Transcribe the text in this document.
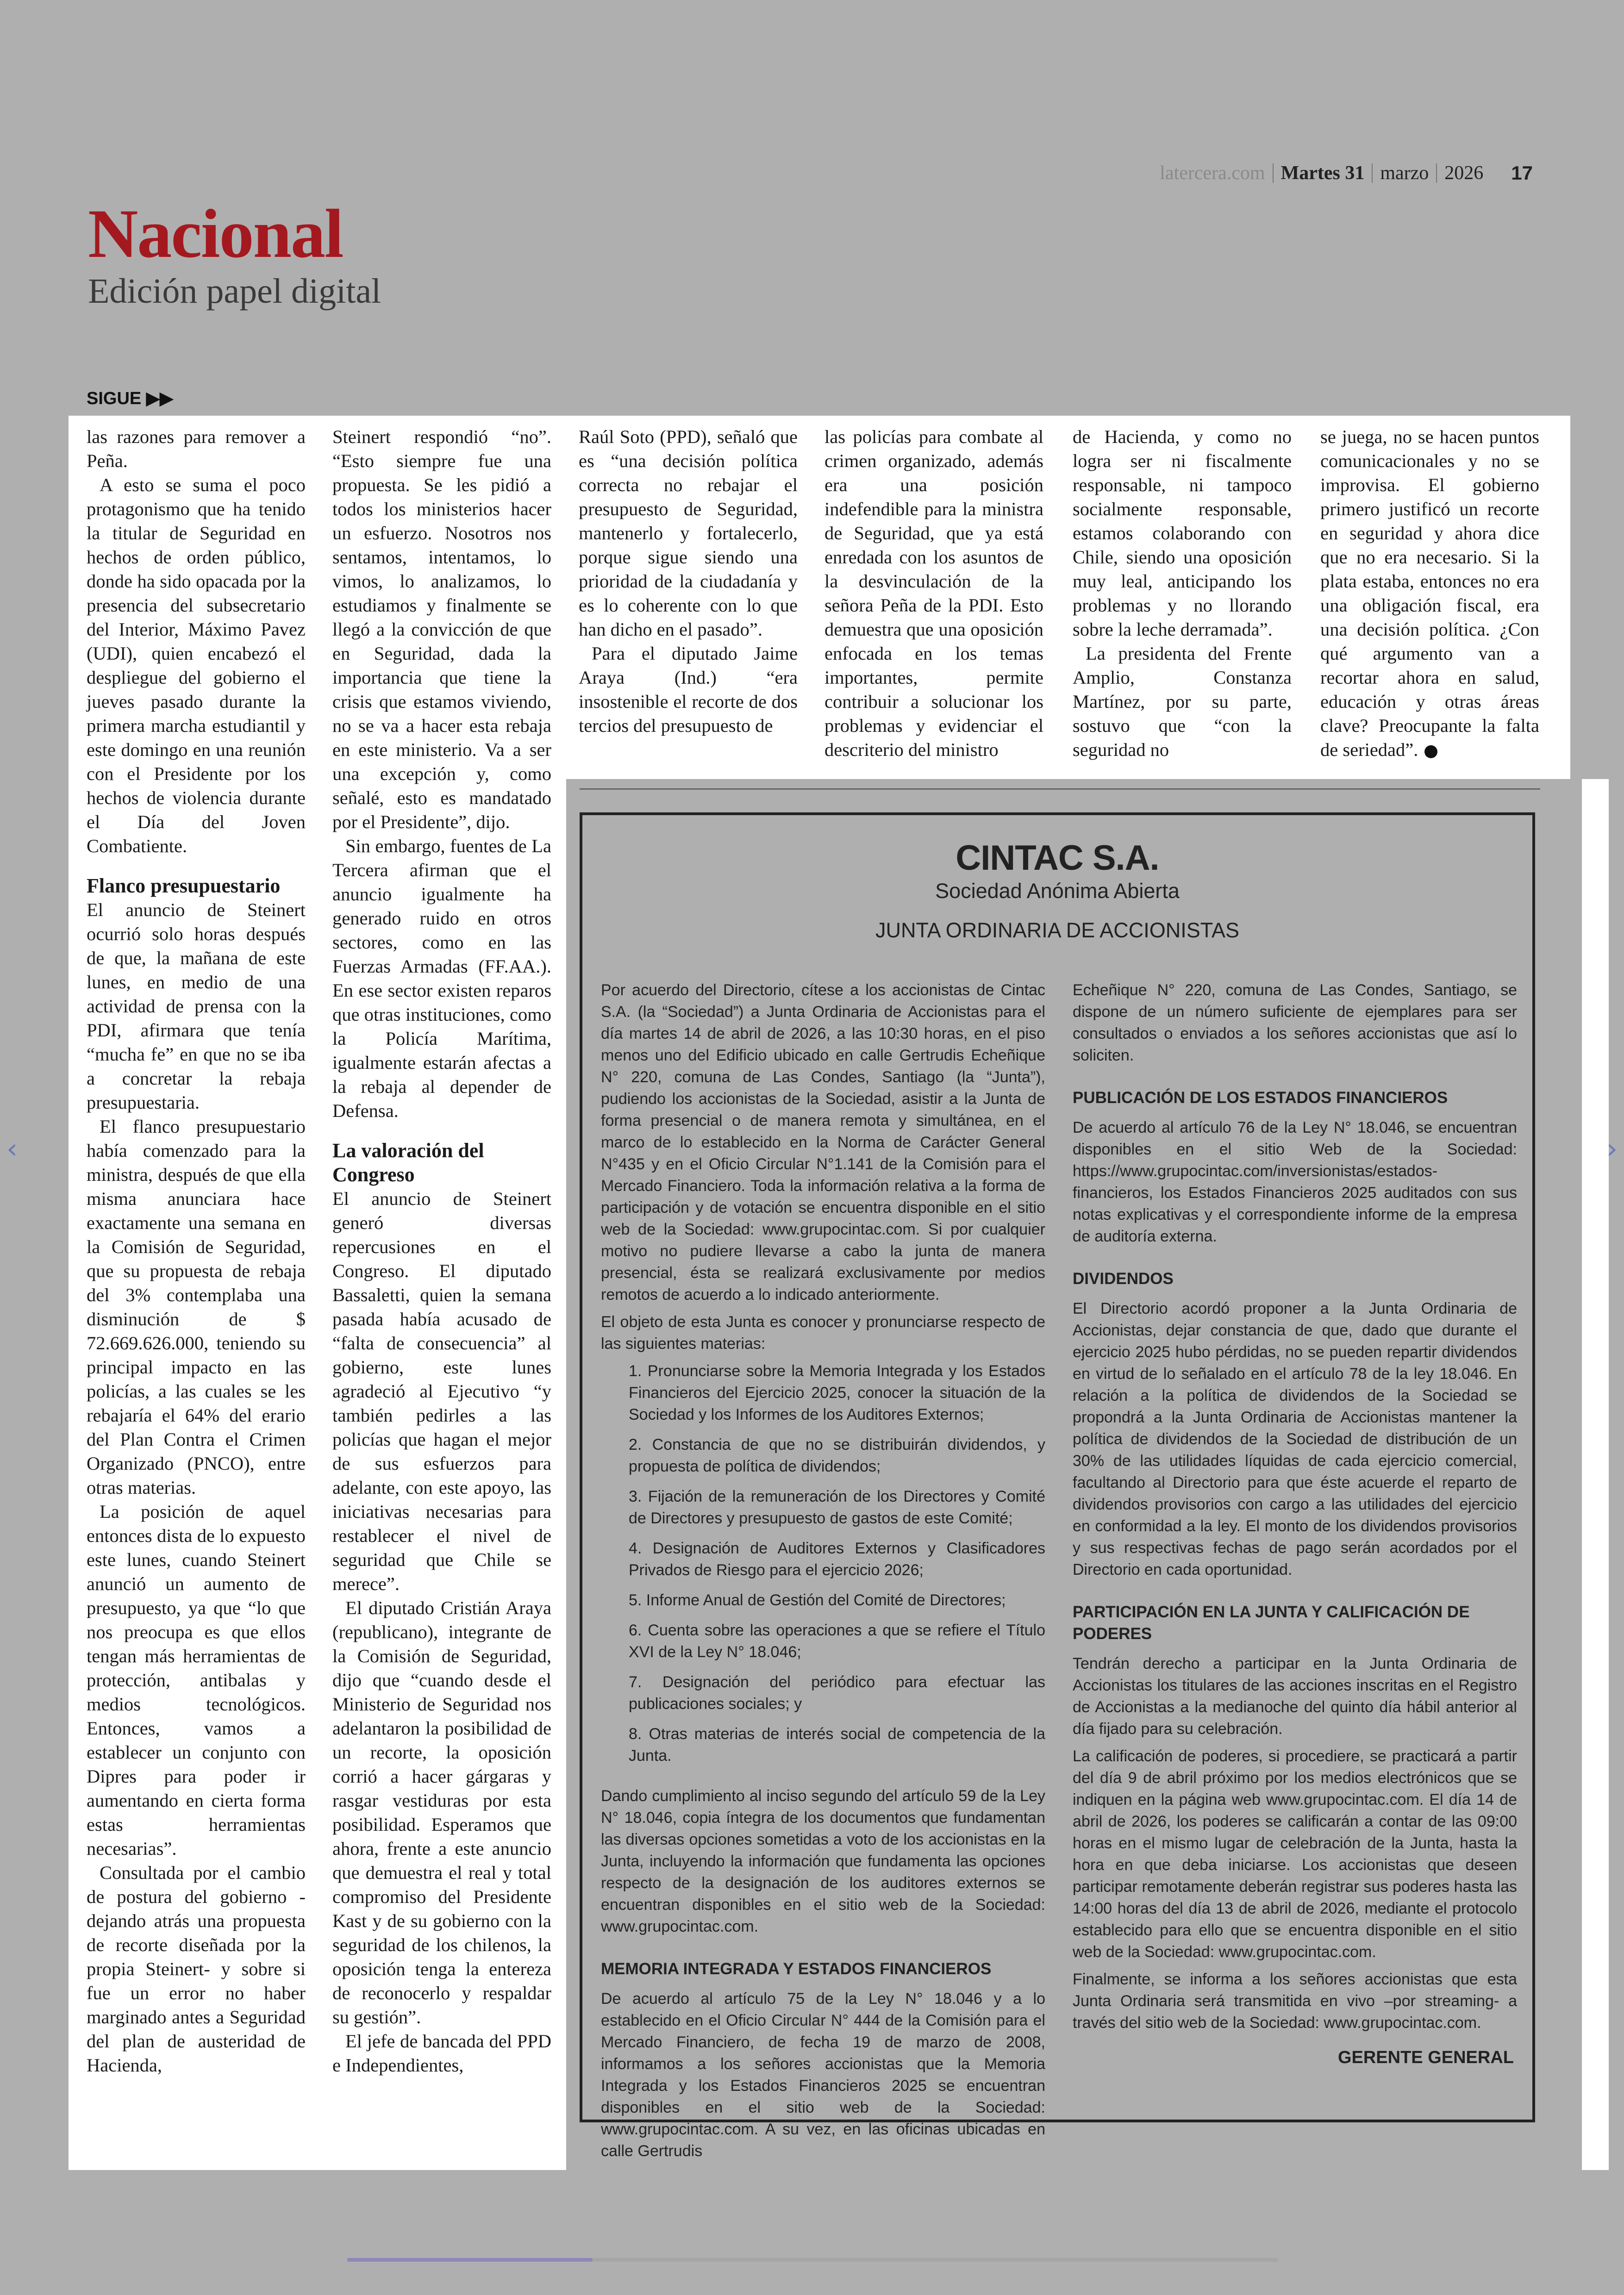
latercera.com Martes 31 marzo 2026 17
Nacional
Edición papel digital
SIGUE ▶▶

las razones para remover a Peña.

A esto se suma el poco protagonismo que ha tenido la titular de Seguridad en hechos de orden público, donde ha sido opacada por la presencia del subsecretario del Interior, Máximo Pavez (UDI), quien encabezó el despliegue del gobierno el jueves pasado durante la primera marcha estudiantil y este domingo en una reunión con el Presidente por los hechos de violencia durante el Día del Joven Combatiente.

Flanco presupuestario

El anuncio de Steinert ocurrió solo horas después de que, la mañana de este lunes, en medio de una actividad de prensa con la PDI, afirmara que tenía “mucha fe” en que no se iba a concretar la rebaja presupuestaria.

El flanco presupuestario había comenzado para la ministra, después de que ella misma anunciara hace exactamente una semana en la Comisión de Seguridad, que su propuesta de rebaja del 3% contemplaba una disminución de $ 72.669.626.000, teniendo su principal impacto en las policías, a las cuales se les rebajaría el 64% del erario del Plan Contra el Crimen Organizado (PNCO), entre otras materias.

La posición de aquel entonces dista de lo expuesto este lunes, cuando Steinert anunció un aumento de presupuesto, ya que “lo que nos preocupa es que ellos tengan más herramientas de protección, antibalas y medios tecnológicos. Entonces, vamos a establecer un conjunto con Dipres para poder ir aumentando en cierta forma estas herramientas necesarias”.

Consultada por el cambio de postura del gobierno -dejando atrás una propuesta de recorte diseñada por la propia Steinert- y sobre si fue un error no haber marginado antes a Seguridad del plan de austeridad de Hacienda,

Steinert respondió “no”. “Esto siempre fue una propuesta. Se les pidió a todos los ministerios hacer un esfuerzo. Nosotros nos sentamos, intentamos, lo vimos, lo analizamos, lo estudiamos y finalmente se llegó a la convicción de que en Seguridad, dada la importancia que tiene la crisis que estamos viviendo, no se va a hacer esta rebaja en este ministerio. Va a ser una excepción y, como señalé, esto es mandatado por el Presidente”, dijo.

Sin embargo, fuentes de La Tercera afirman que el anuncio igualmente ha generado ruido en otros sectores, como en las Fuerzas Armadas (FF.AA.). En ese sector existen reparos que otras instituciones, como la Policía Marítima, igualmente estarán afectas a la rebaja al depender de Defensa.

La valoración del Congreso

El anuncio de Steinert generó diversas repercusiones en el Congreso. El diputado Bassaletti, quien la semana pasada había acusado de “falta de consecuencia” al gobierno, este lunes agradeció al Ejecutivo “y también pedirles a las policías que hagan el mejor de sus esfuerzos para adelante, con este apoyo, las iniciativas necesarias para restablecer el nivel de seguridad que Chile se merece”.

El diputado Cristián Araya (republicano), integrante de la Comisión de Seguridad, dijo que “cuando desde el Ministerio de Seguridad nos adelantaron la posibilidad de un recorte, la oposición corrió a hacer gárgaras y rasgar vestiduras por esta posibilidad. Esperamos que ahora, frente a este anuncio que demuestra el real y total compromiso del Presidente Kast y de su gobierno con la seguridad de los chilenos, la oposición tenga la entereza de reconocerlo y respaldar su gestión”.

El jefe de bancada del PPD e Independientes,

Raúl Soto (PPD), señaló que es “una decisión política correcta no rebajar el presupuesto de Seguridad, mantenerlo y fortalecerlo, porque sigue siendo una prioridad de la ciudadanía y es lo coherente con lo que han dicho en el pasado”.

Para el diputado Jaime Araya (Ind.) “era insostenible el recorte de dos tercios del presupuesto de

las policías para combate al crimen organizado, además era una posición indefendible para la ministra de Seguridad, que ya está enredada con los asuntos de la desvinculación de la señora Peña de la PDI. Esto demuestra que una oposición enfocada en los temas importantes, permite contribuir a solucionar los problemas y evidenciar el descriterio del ministro

de Hacienda, y como no logra ser ni fiscalmente responsable, ni tampoco socialmente responsable, estamos colaborando con Chile, siendo una oposición muy leal, anticipando los problemas y no llorando sobre la leche derramada”.

La presidenta del Frente Amplio, Constanza Martínez, por su parte, sostuvo que “con la seguridad no

se juega, no se hacen puntos comunicacionales y no se improvisa. El gobierno primero justificó un recorte en seguridad y ahora dice que no era necesario. Si la plata estaba, entonces no era una obligación fiscal, era una decisión política. ¿Con qué argumento van a recortar ahora en salud, educación y otras áreas clave? Preocupante la falta de seriedad”.

CINTAC S.A.
Sociedad Anónima Abierta
JUNTA ORDINARIA DE ACCIONISTAS

Por acuerdo del Directorio, cítese a los accionistas de Cintac S.A. (la “Sociedad”) a Junta Ordinaria de Accionistas para el día martes 14 de abril de 2026, a las 10:30 horas, en el piso menos uno del Edificio ubicado en calle Gertrudis Echeñique N° 220, comuna de Las Condes, Santiago (la “Junta”), pudiendo los accionistas de la Sociedad, asistir a la Junta de forma presencial o de manera remota y simultánea, en el marco de lo establecido en la Norma de Carácter General N°435 y en el Oficio Circular N°1.141 de la Comisión para el Mercado Financiero. Toda la información relativa a la forma de participación y de votación se encuentra disponible en el sitio web de la Sociedad: www.grupocintac.com. Si por cualquier motivo no pudiere llevarse a cabo la junta de manera presencial, ésta se realizará exclusivamente por medios remotos de acuerdo a lo indicado anteriormente.

El objeto de esta Junta es conocer y pronunciarse respecto de las siguientes materias:

1. Pronunciarse sobre la Memoria Integrada y los Estados Financieros del Ejercicio 2025, conocer la situación de la Sociedad y los Informes de los Auditores Externos;
2. Constancia de que no se distribuirán dividendos, y propuesta de política de dividendos;
3. Fijación de la remuneración de los Directores y Comité de Directores y presupuesto de gastos de este Comité;
4. Designación de Auditores Externos y Clasificadores Privados de Riesgo para el ejercicio 2026;
5. Informe Anual de Gestión del Comité de Directores;
6. Cuenta sobre las operaciones a que se refiere el Título XVI de la Ley N° 18.046;
7. Designación del periódico para efectuar las publicaciones sociales; y
8. Otras materias de interés social de competencia de la Junta.

Dando cumplimiento al inciso segundo del artículo 59 de la Ley N° 18.046, copia íntegra de los documentos que fundamentan las diversas opciones sometidas a voto de los accionistas en la Junta, incluyendo la información que fundamenta las opciones respecto de la designación de los auditores externos se encuentran disponibles en el sitio web de la Sociedad: www.grupocintac.com.

MEMORIA INTEGRADA Y ESTADOS FINANCIEROS

De acuerdo al artículo 75 de la Ley N° 18.046 y a lo establecido en el Oficio Circular N° 444 de la Comisión para el Mercado Financiero, de fecha 19 de marzo de 2008, informamos a los señores accionistas que la Memoria Integrada y los Estados Financieros 2025 se encuentran disponibles en el sitio web de la Sociedad: www.grupocintac.com. A su vez, en las oficinas ubicadas en calle Gertrudis

Echeñique N° 220, comuna de Las Condes, Santiago, se dispone de un número suficiente de ejemplares para ser consultados o enviados a los señores accionistas que así lo soliciten.

PUBLICACIÓN DE LOS ESTADOS FINANCIEROS

De acuerdo al artículo 76 de la Ley N° 18.046, se encuentran disponibles en el sitio Web de la Sociedad: https://www.grupocintac.com/inversionistas/estados-financieros, los Estados Financieros 2025 auditados con sus notas explicativas y el correspondiente informe de la empresa de auditoría externa.

DIVIDENDOS

El Directorio acordó proponer a la Junta Ordinaria de Accionistas, dejar constancia de que, dado que durante el ejercicio 2025 hubo pérdidas, no se pueden repartir dividendos en virtud de lo señalado en el artículo 78 de la ley 18.046. En relación a la política de dividendos de la Sociedad se propondrá a la Junta Ordinaria de Accionistas mantener la política de dividendos de la Sociedad de distribución de un 30% de las utilidades líquidas de cada ejercicio comercial, facultando al Directorio para que éste acuerde el reparto de dividendos provisorios con cargo a las utilidades del ejercicio en conformidad a la ley. El monto de los dividendos provisorios y sus respectivas fechas de pago serán acordados por el Directorio en cada oportunidad.

PARTICIPACIÓN EN LA JUNTA Y CALIFICACIÓN DE PODERES

Tendrán derecho a participar en la Junta Ordinaria de Accionistas los titulares de las acciones inscritas en el Registro de Accionistas a la medianoche del quinto día hábil anterior al día fijado para su celebración.

La calificación de poderes, si procediere, se practicará a partir del día 9 de abril próximo por los medios electrónicos que se indiquen en la página web www.grupocintac.com. El día 14 de abril de 2026, los poderes se calificarán a contar de las 09:00 horas en el mismo lugar de celebración de la Junta, hasta la hora en que deba iniciarse. Los accionistas que deseen participar remotamente deberán registrar sus poderes hasta las 14:00 horas del día 13 de abril de 2026, mediante el protocolo establecido para ello que se encuentra disponible en el sitio web de la Sociedad: www.grupocintac.com.

Finalmente, se informa a los señores accionistas que esta Junta Ordinaria será transmitida en vivo –por streaming- a través del sitio web de la Sociedad: www.grupocintac.com.

GERENTE GENERAL
‹	›
